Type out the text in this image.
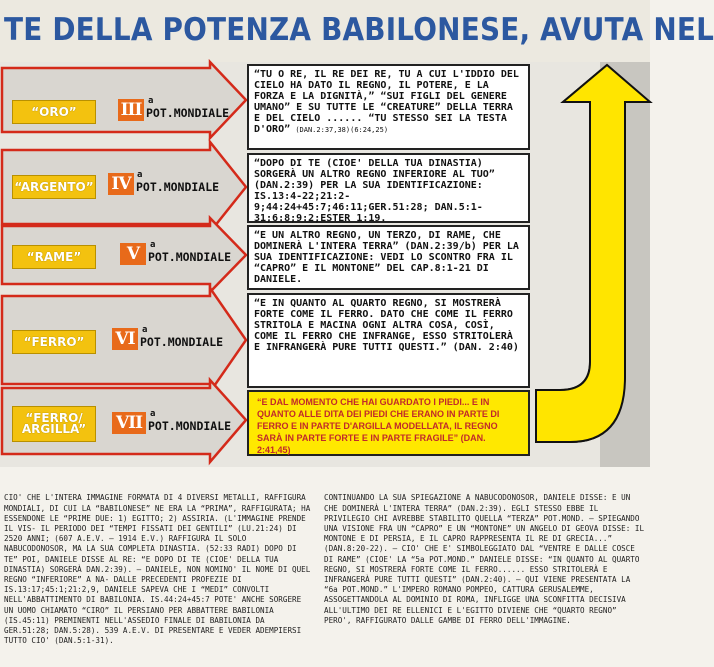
TE DELLA POTENZA BABILONESE, AVUTA NEL
“ORO”	III a
POT.MONDIALE
“ARGENTO” IV a
POT.MONDIALE
“RAME”	V	a
POT.MONDIALE
“FERRO”	VI a
POT.MONDIALE
“FERRO/ ARGILLA”	VII a
POT.MONDIALE
“TU O RE, IL RE DEI RE, TU A CUI L'IDDIO DEL CIELO HA DATO IL REGNO, IL POTERE, E LA FORZA E LA DIGNITÀ,” “SUI FIGLI DEL GENERE UMANO” E SU TUTTE LE “CREATURE” DELLA TERRA E DEL CIELO ...... “TU STESSO SEI LA TESTA D'ORO” (DAN.2:37,38)(6:24,25)
“DOPO DI TE (CIOE' DELLA TUA DINASTIA) SORGERÀ UN ALTRO REGNO INFERIORE AL TUO” (DAN.2:39) PER LA SUA IDENTIFICAZIONE: IS.13:4-22;21:2-9;44:24+45:7;46:11;GER.51:28; DAN.5:1-31;6:8;9:2;ESTER 1:19.
“E UN ALTRO REGNO, UN TERZO, DI RAME, CHE DOMINERÀ L'INTERA TERRA” (DAN.2:39/b) PER LA SUA IDENTIFICAZIONE: VEDI LO SCONTRO FRA IL “CAPRO” E IL MONTONE” DEL CAP.8:1-21 DI DANIELE.
“E IN QUANTO AL QUARTO REGNO, SI MOSTRERÀ FORTE COME IL FERRO. DATO CHE COME IL FERRO STRITOLA E MACINA OGNI ALTRA COSA, COSÌ, COME IL FERRO CHE INFRANGE, ESSO STRITOLERÀ E INFRANGERÀ PURE TUTTI QUESTI.” (DAN. 2:40)
“E DAL MOMENTO CHE HAI GUARDATO I PIEDI... E IN QUANTO ALLE DITA DEI PIEDI CHE ERANO IN PARTE DI FERRO E IN PARTE D'ARGILLA MODELLATA, IL REGNO SARÀ IN PARTE FORTE E IN PARTE FRAGILE” (DAN. 2:41,45)

CIO' CHE L'INTERA IMMAGINE FORMATA DI 4 DIVERSI METALLI, RAFFIGURA MONDIALI, DI CUI LA “BABILONESE” NE ERA LA “PRIMA”, RAFFIGURATA; HA ESSENDONE LE “PRIME DUE: 1) EGITTO; 2) ASSIRIA. (L'IMMAGINE PRENDE IL VIS- IL PERIODO DEI “TEMPI FISSATI DEI GENTILI” (LU.21:24) DI 2520 ANNI; (607 A.E.V. – 1914 E.V.) RAFFIGURA IL SOLO NABUCODONOSOR, MA LA SUA COMPLETA DINASTIA. (52:33 RADI) DOPO DI TE” POI, DANIELE DISSE AL RE: “E DOPO DI TE (CIOE' DELLA TUA DINASTIA) SORGERÀ DAN.2:39). – DANIELE, NON NOMINO' IL NOME DI QUEL REGNO “INFERIORE” A NA- DALLE PRECEDENTI PROFEZIE DI IS.13:17;45:1;21:2,9, DANIELE SAPEVA CHE I “MEDI” CONVOLTI NELL'ABBATTIMENTO DI BABILONIA. IS.44:24+45:7 POTE' ANCHE SORGERE UN UOMO CHIAMATO “CIRO” IL PERSIANO PER ABBATTERE BABILONIA (IS.45:11) PREMINENTI NELL'ASSEDIO FINALE DI BABILONIA DA GER.51:28; DAN.5:28). 539 A.E.V. DI PRESENTARE E VEDER ADEMPIERSI TUTTO CIO' (DAN.5:1-31).

CONTINUANDO LA SUA SPIEGAZIONE A NABUCODONOSOR, DANIELE DISSE: E UN CHE DOMINERÀ L'INTERA TERRA” (DAN.2:39). EGLI STESSO EBBE IL PRIVILEGIO CHI AVREBBE STABILITO QUELLA “TERZA” POT.MOND. – SPIEGANDO UNA VISIONE FRA UN “CAPRO” E UN “MONTONE” UN ANGELO DI GEOVA DISSE: IL MONTONE E DI PERSIA, E IL CAPRO RAPPRESENTA IL RE DI GRECIA...” (DAN.8:20-22). – CIO' CHE E' SIMBOLEGGIATO DAL “VENTRE E DALLE COSCE DI RAME” (CIOE' LA “5a POT.MOND.” DANIELE DISSE: “IN QUANTO AL QUARTO REGNO, SI MOSTRERÀ FORTE COME IL FERRO...... ESSO STRITOLERÀ E INFRANGERÀ PURE TUTTI QUESTI” (DAN.2:40). – QUI VIENE PRESENTATA LA “6a POT.MOND.” L'IMPERO ROMANO POMPEO, CATTURA GERUSALEMME, ASSOGETTANDOLA AL DOMINIO DI ROMA, INFLIGGE UNA SCONFITTA DECISIVA ALL'ULTIMO DEI RE ELLENICI E L'EGITTO DIVIENE CHE “QUARTO REGNO” PERO', RAFFIGURATO DALLE GAMBE DI FERRO DELL'IMMAGINE.
